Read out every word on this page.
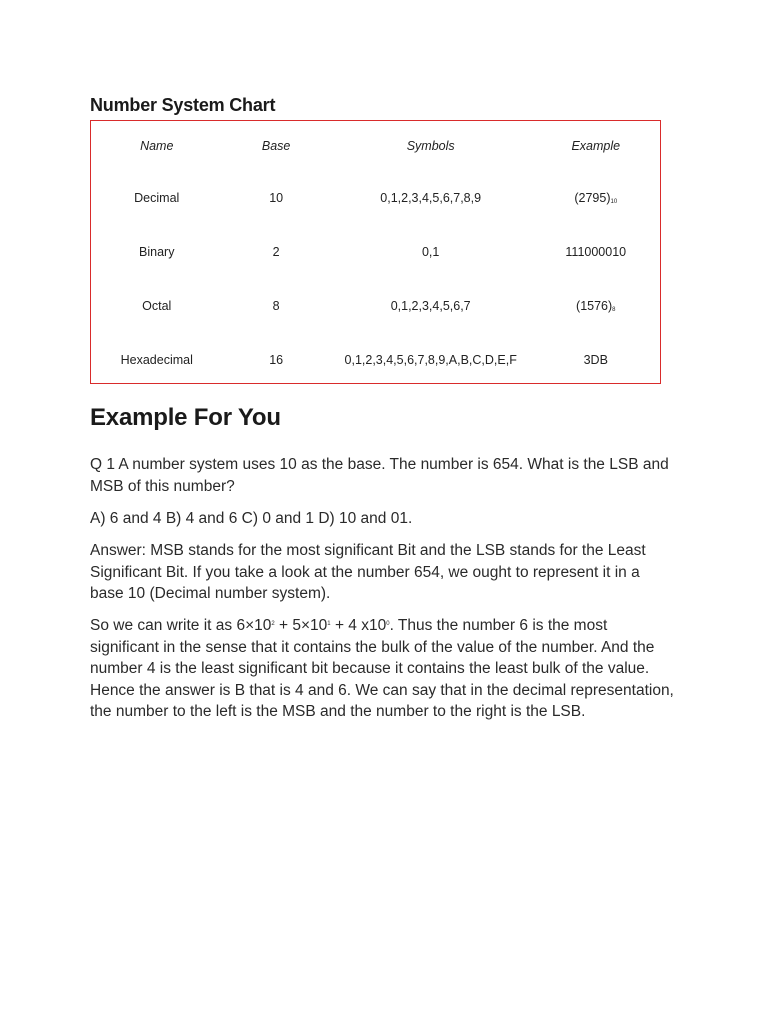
Number System Chart
Name	Base	Symbols	Example
Decimal	10	0,1,2,3,4,5,6,7,8,9	$(2795)_{10}$
Binary	2	0,1	111000010
Octal	8	0,1,2,3,4,5,6,7	$(1576)_8$
Hexadecimal	16	0,1,2,3,4,5,6,7,8,9,A,B,C,D,E,F	3DB
Example For You

Q 1 A number system uses 10 as the base. The number is 654. What is the LSB and MSB of this number?

A) 6 and 4 B) 4 and 6 C) 0 and 1 D) 10 and 01.

Answer: MSB stands for the most significant Bit and the LSB stands for the Least Significant Bit. If you take a look at the number 654, we ought to represent it in a base 10 (Decimal number system).

So we can write it as $6\times 10^2 + 5\times 10^1 + 4$ $x10^0$. Thus the number 6 is the most significant in the sense that it contains the bulk of the value of the number. And the number 4 is the least significant bit because it contains the least bulk of the value. Hence the answer is B that is 4 and 6. We can say that in the decimal representation, the number to the left is the MSB and the number to the right is the LSB.
